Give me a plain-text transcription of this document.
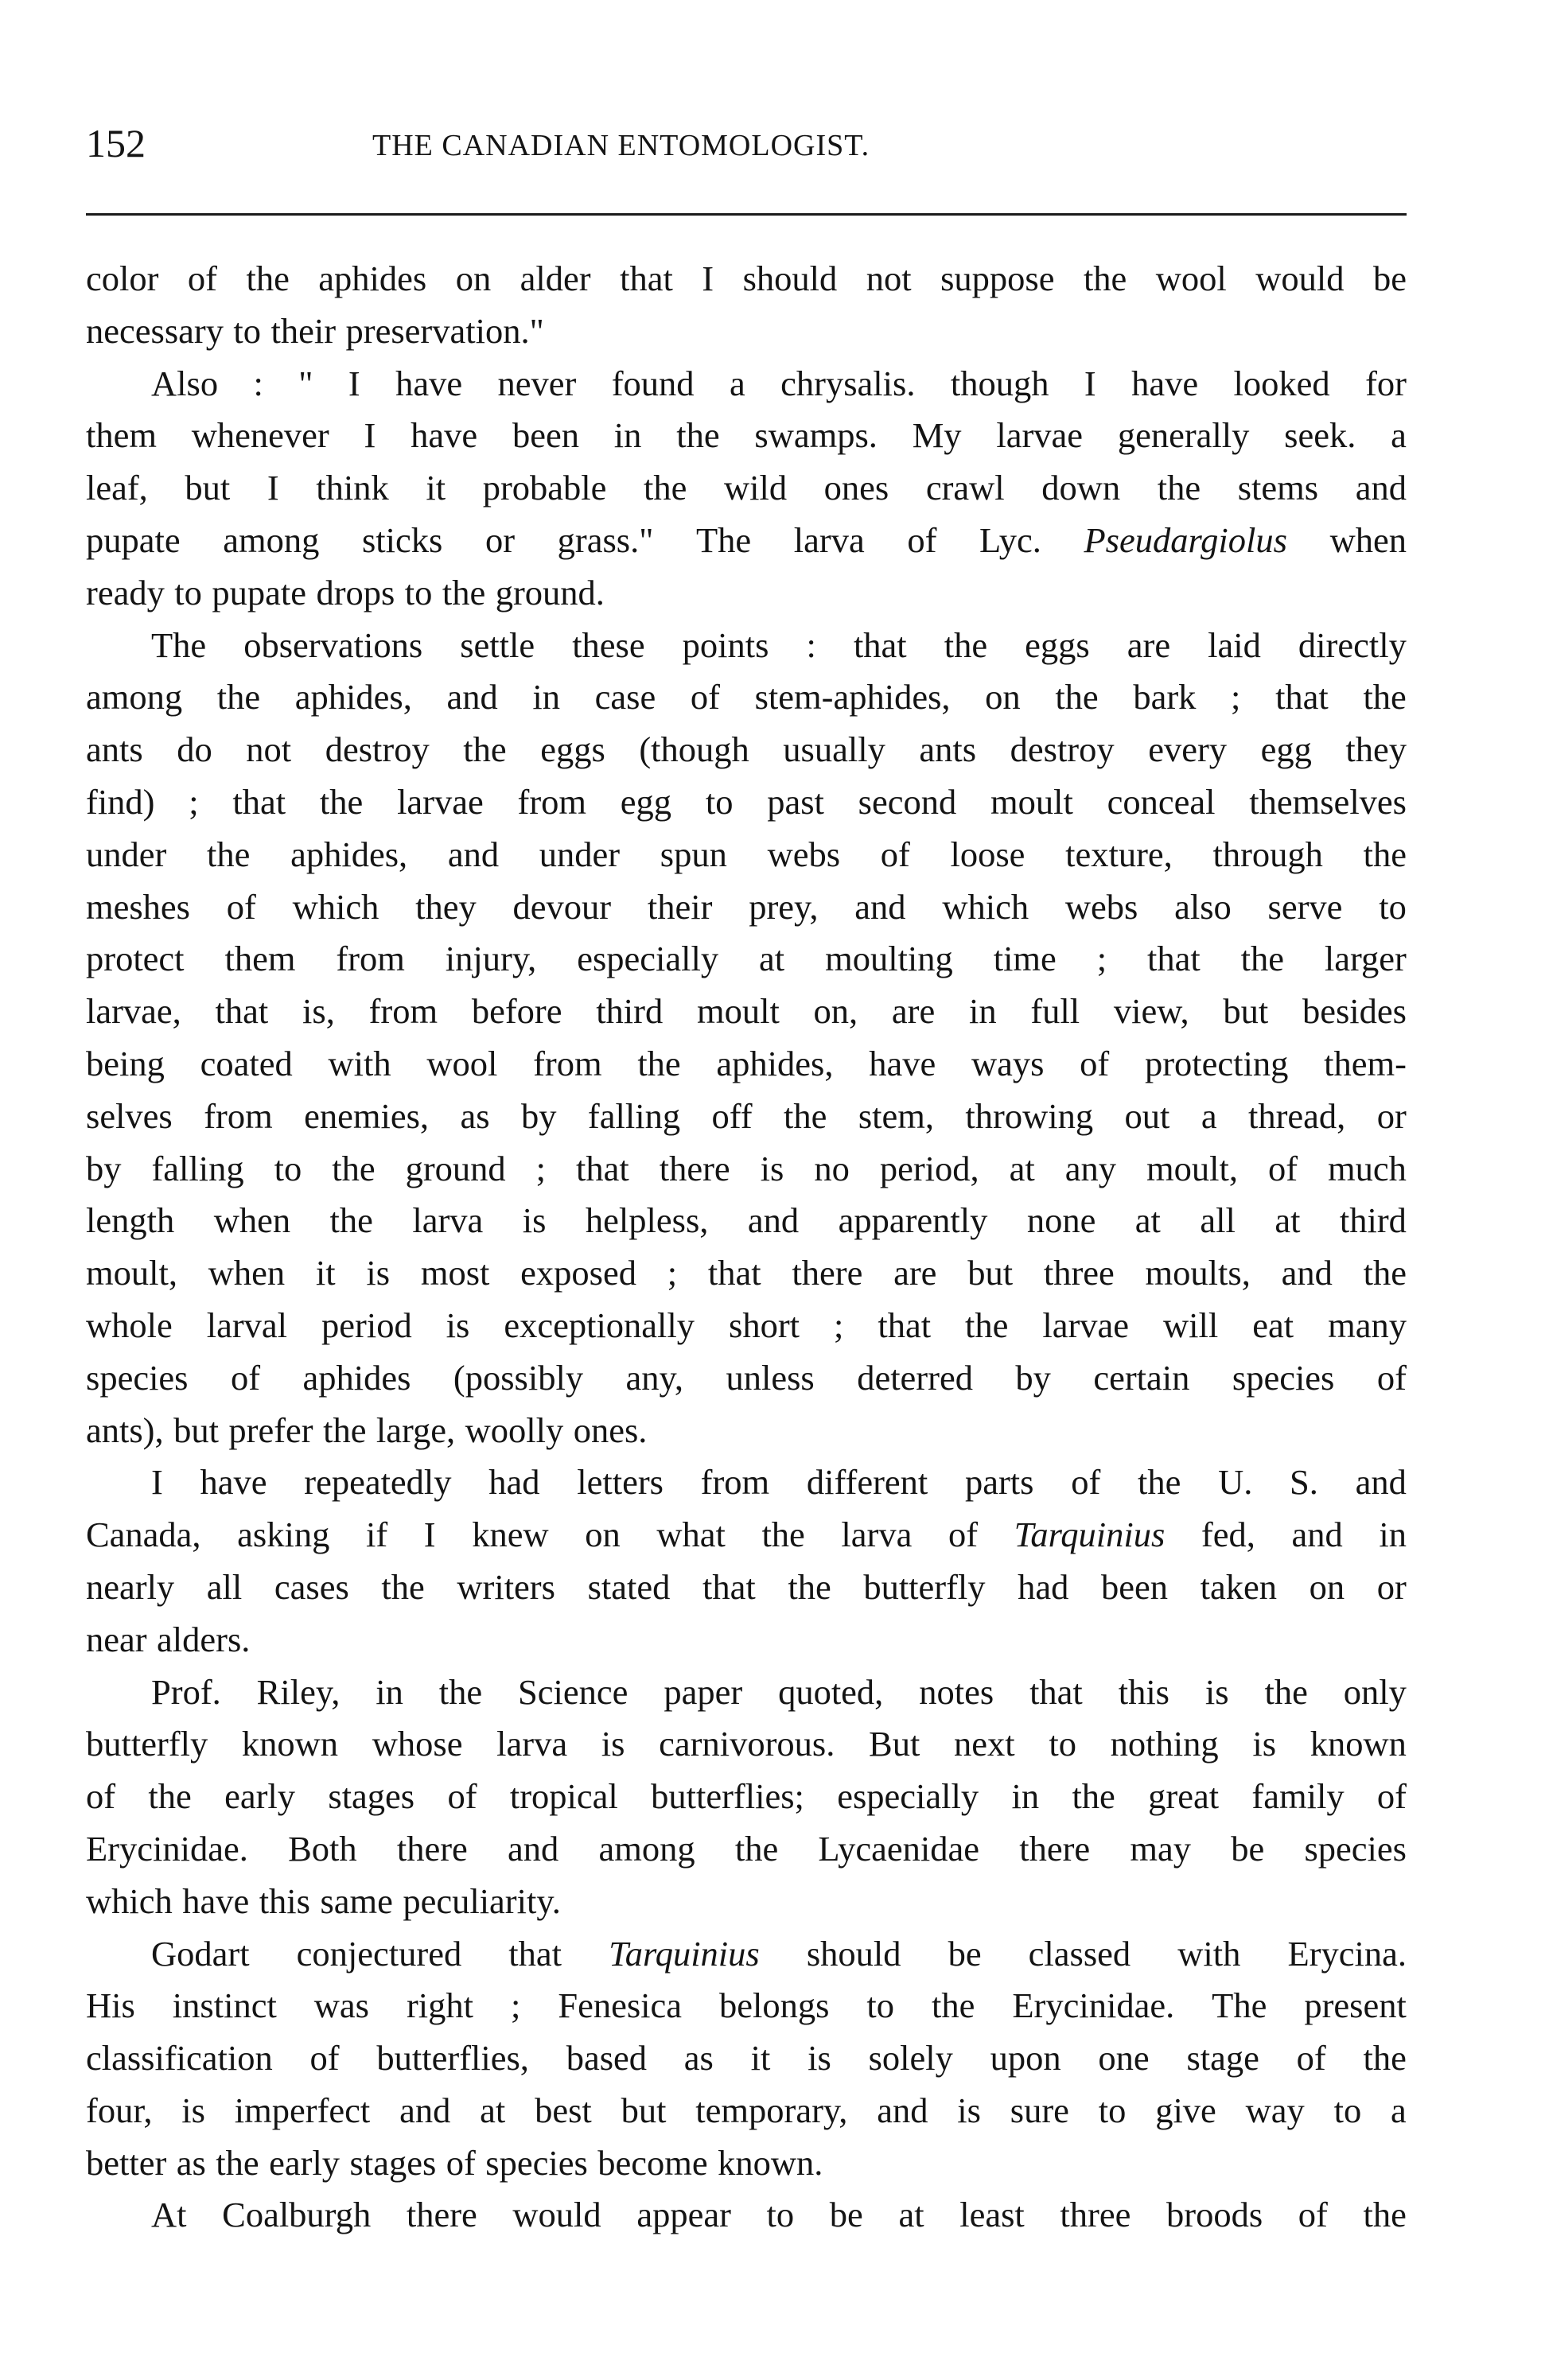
152	THE CANADIAN ENTOMOLOGIST.
color of the aphides on alder that I should not suppose the wool would be
necessary to their preservation."
Also : " I have never found a chrysalis. though I have looked for
them whenever I have been in the swamps. My larvae generally seek. a
leaf, but I think it probable the wild ones crawl down the stems and
pupate among sticks or grass." The larva of Lyc. Pseudargiolus when
ready to pupate drops to the ground.
The observations settle these points : that the eggs are laid directly
among the aphides, and in case of stem-aphides, on the bark ; that the
ants do not destroy the eggs (though usually ants destroy every egg they
find) ; that the larvae from egg to past second moult conceal themselves
under the aphides, and under spun webs of loose texture, through the
meshes of which they devour their prey, and which webs also serve to
protect them from injury, especially at moulting time ; that the larger
larvae, that is, from before third moult on, are in full view, but besides
being coated with wool from the aphides, have ways of protecting them-
selves from enemies, as by falling off the stem, throwing out a thread, or
by falling to the ground ; that there is no period, at any moult, of much
length when the larva is helpless, and apparently none at all at third
moult, when it is most exposed ; that there are but three moults, and the
whole larval period is exceptionally short ; that the larvae will eat many
species of aphides (possibly any, unless deterred by certain species of
ants), but prefer the large, woolly ones.
I have repeatedly had letters from different parts of the U. S. and
Canada, asking if I knew on what the larva of Tarquinius fed, and in
nearly all cases the writers stated that the butterfly had been taken on or
near alders.
Prof. Riley, in the Science paper quoted, notes that this is the only
butterfly known whose larva is carnivorous. But next to nothing is known
of the early stages of tropical butterflies; especially in the great family of
Erycinidae. Both there and among the Lycaenidae there may be species
which have this same peculiarity.
Godart conjectured that Tarquinius should be classed with Erycina.
His instinct was right ; Fenesica belongs to the Erycinidae. The present
classification of butterflies, based as it is solely upon one stage of the
four, is imperfect and at best but temporary, and is sure to give way to a
better as the early stages of species become known.
At Coalburgh there would appear to be at least three broods of the
